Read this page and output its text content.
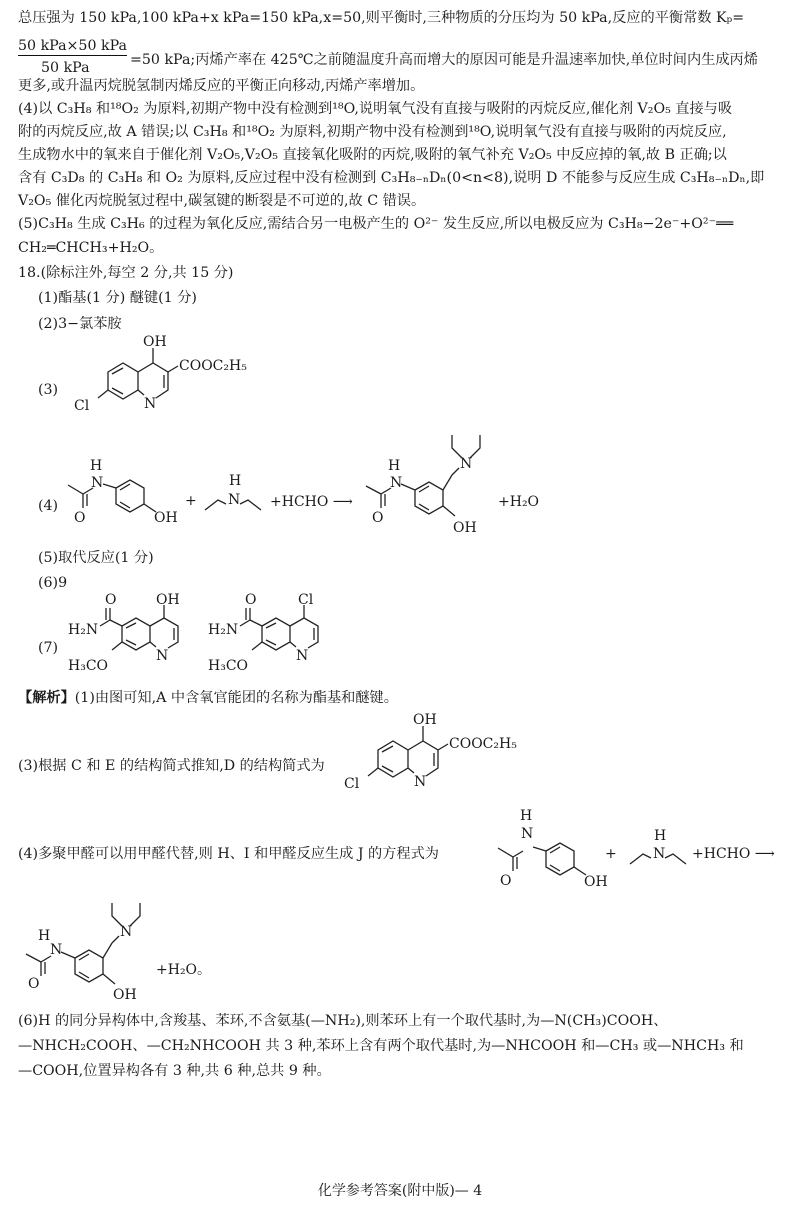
总压强为 150 kPa,100 kPa+x kPa=150 kPa,x=50,则平衡时,三种物质的分压均为 50 kPa,反应的平衡常数 Kₚ=
50 kPa×50 kPa
50 kPa	=50 kPa;丙烯产率在 425℃之前随温度升高而增大的原因可能是升温速率加快,单位时间内生成丙烯
更多,或升温丙烷脱氢制丙烯反应的平衡正向移动,丙烯产率增加。
(4)以 C₃H₈ 和¹⁸O₂ 为原料,初期产物中没有检测到¹⁸O,说明氧气没有直接与吸附的丙烷反应,催化剂 V₂O₅ 直接与吸
附的丙烷反应,故 A 错误;以 C₃H₈ 和¹⁸O₂ 为原料,初期产物中没有检测到¹⁸O,说明氧气没有直接与吸附的丙烷反应,
生成物水中的氧来自于催化剂 V₂O₅,V₂O₅ 直接氧化吸附的丙烷,吸附的氧气补充 V₂O₅ 中反应掉的氧,故 B 正确;以
含有 C₃D₈ 的 C₃H₈ 和 O₂ 为原料,反应过程中没有检测到 C₃H₈₋ₙDₙ(0<n<8),说明 D 不能参与反应生成 C₃H₈₋ₙDₙ,即
V₂O₅ 催化丙烷脱氢过程中,碳氢键的断裂是不可逆的,故 C 错误。
(5)C₃H₈ 生成 C₃H₆ 的过程为氧化反应,需结合另一电极产生的 O²⁻ 发生反应,所以电极反应为 C₃H₈−2e⁻+O²⁻══
CH₂═CHCH₃+H₂O。
18.(除标注外,每空 2 分,共 15 分)
(1)酯基(1 分) 醚键(1 分)
(2)3−氯苯胺
(3)
(4)
(5)取代反应(1 分)
(6)9
(7)
【解析】(1)由图可知,A 中含氧官能团的名称为酯基和醚键。
(3)根据 C 和 E 的结构简式推知,D 的结构简式为
(4)多聚甲醛可以用甲醛代替,则 H、I 和甲醛反应生成 J 的方程式为
(6)H 的同分异构体中,含羧基、苯环,不含氨基(—NH₂),则苯环上有一个取代基时,为—N(CH₃)COOH、
—NHCH₂COOH、—CH₂NHCOOH 共 3 种,苯环上含有两个取代基时,为—NHCOOH 和—CH₃ 或—NHCH₃ 和
—COOH,位置异构各有 3 种,共 6 种,总共 9 种。
OH
COOC₂H₅
Cl	N
H
N
O	OH
+
H
N +HCHO ⟶
H
N
O
N
OH
+H₂O
O	OH
H₂N
H₃CO
N
O	Cl
H₂N
H₃CO
N
OH
COOC₂H₅
Cl	N
H
N
O	OH
+
H
N +HCHO ⟶
N
H
O
N
OH
+H₂O。
化学参考答案(附中版)— 4
